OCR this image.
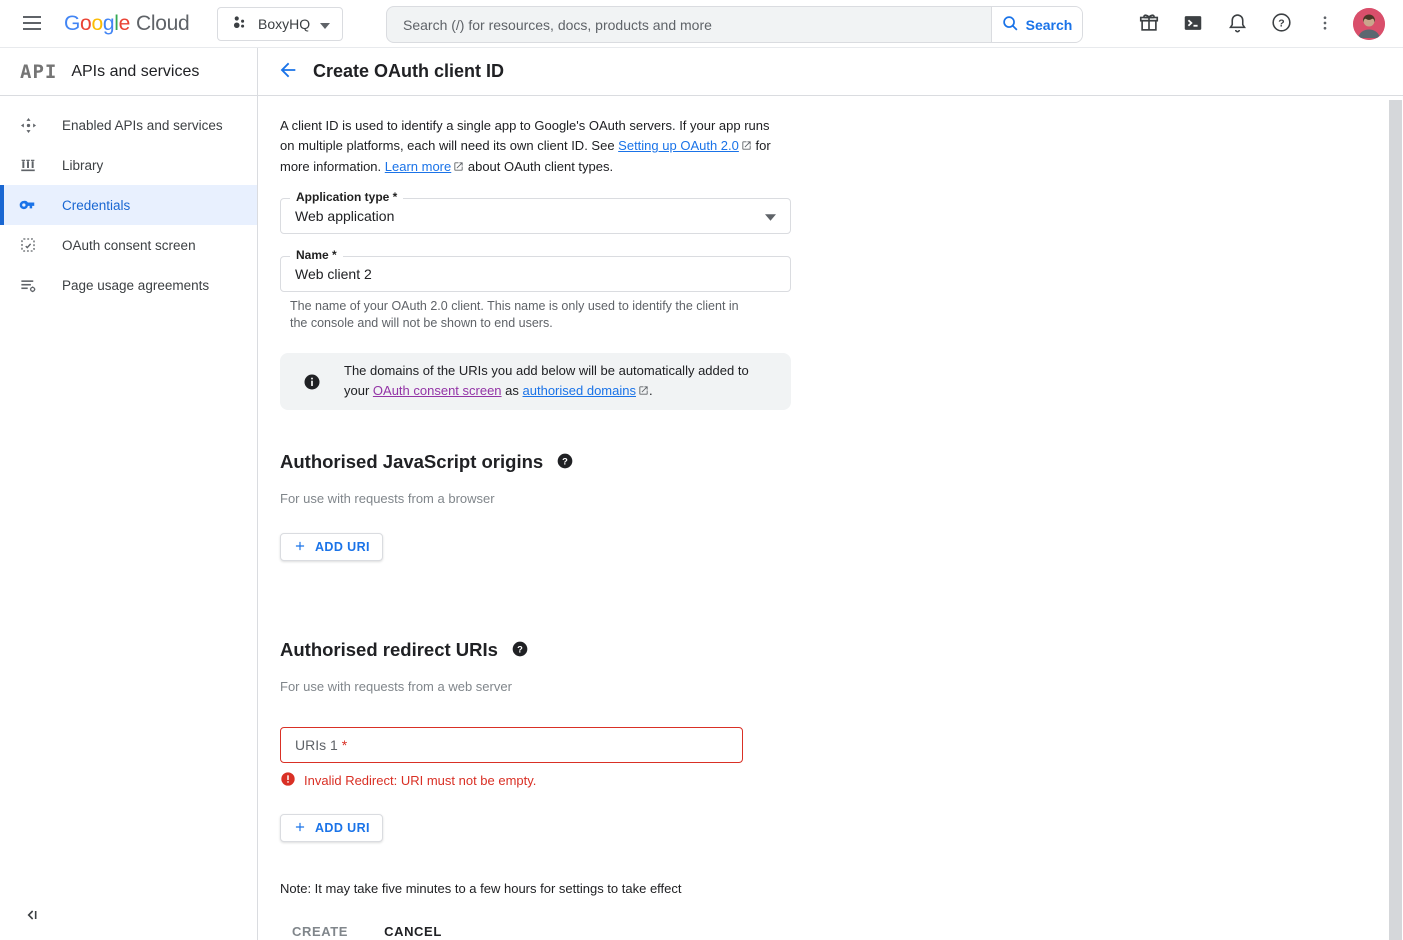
G o o g l e Cloud	BoxyHQ
Search (/) for resources, docs, products and more	Search	?
API APIs and services
Enabled APIs and services
Library
Credentials
OAuth consent screen
Page usage agreements
Create OAuth client ID

A client ID is used to identify a single app to Google's OAuth servers. If your app runs on multiple platforms, each will need its own client ID. See Setting up OAuth 2.0 for more information. Learn more about OAuth client types.

Application type *
Web application
Name *
Web client 2

The name of your OAuth 2.0 client. This name is only used to identify the client in the console and will not be shown to end users.

The domains of the URIs you add below will be automatically added to your OAuth consent screen as authorised domains .

Authorised JavaScript origins ?

For use with requests from a browser

ADD URI
Authorised redirect URIs ?

For use with requests from a web server

URIs 1 *
Invalid Redirect: URI must not be empty.
ADD URI

Note: It may take five minutes to a few hours for settings to take effect

CREATE	CANCEL
